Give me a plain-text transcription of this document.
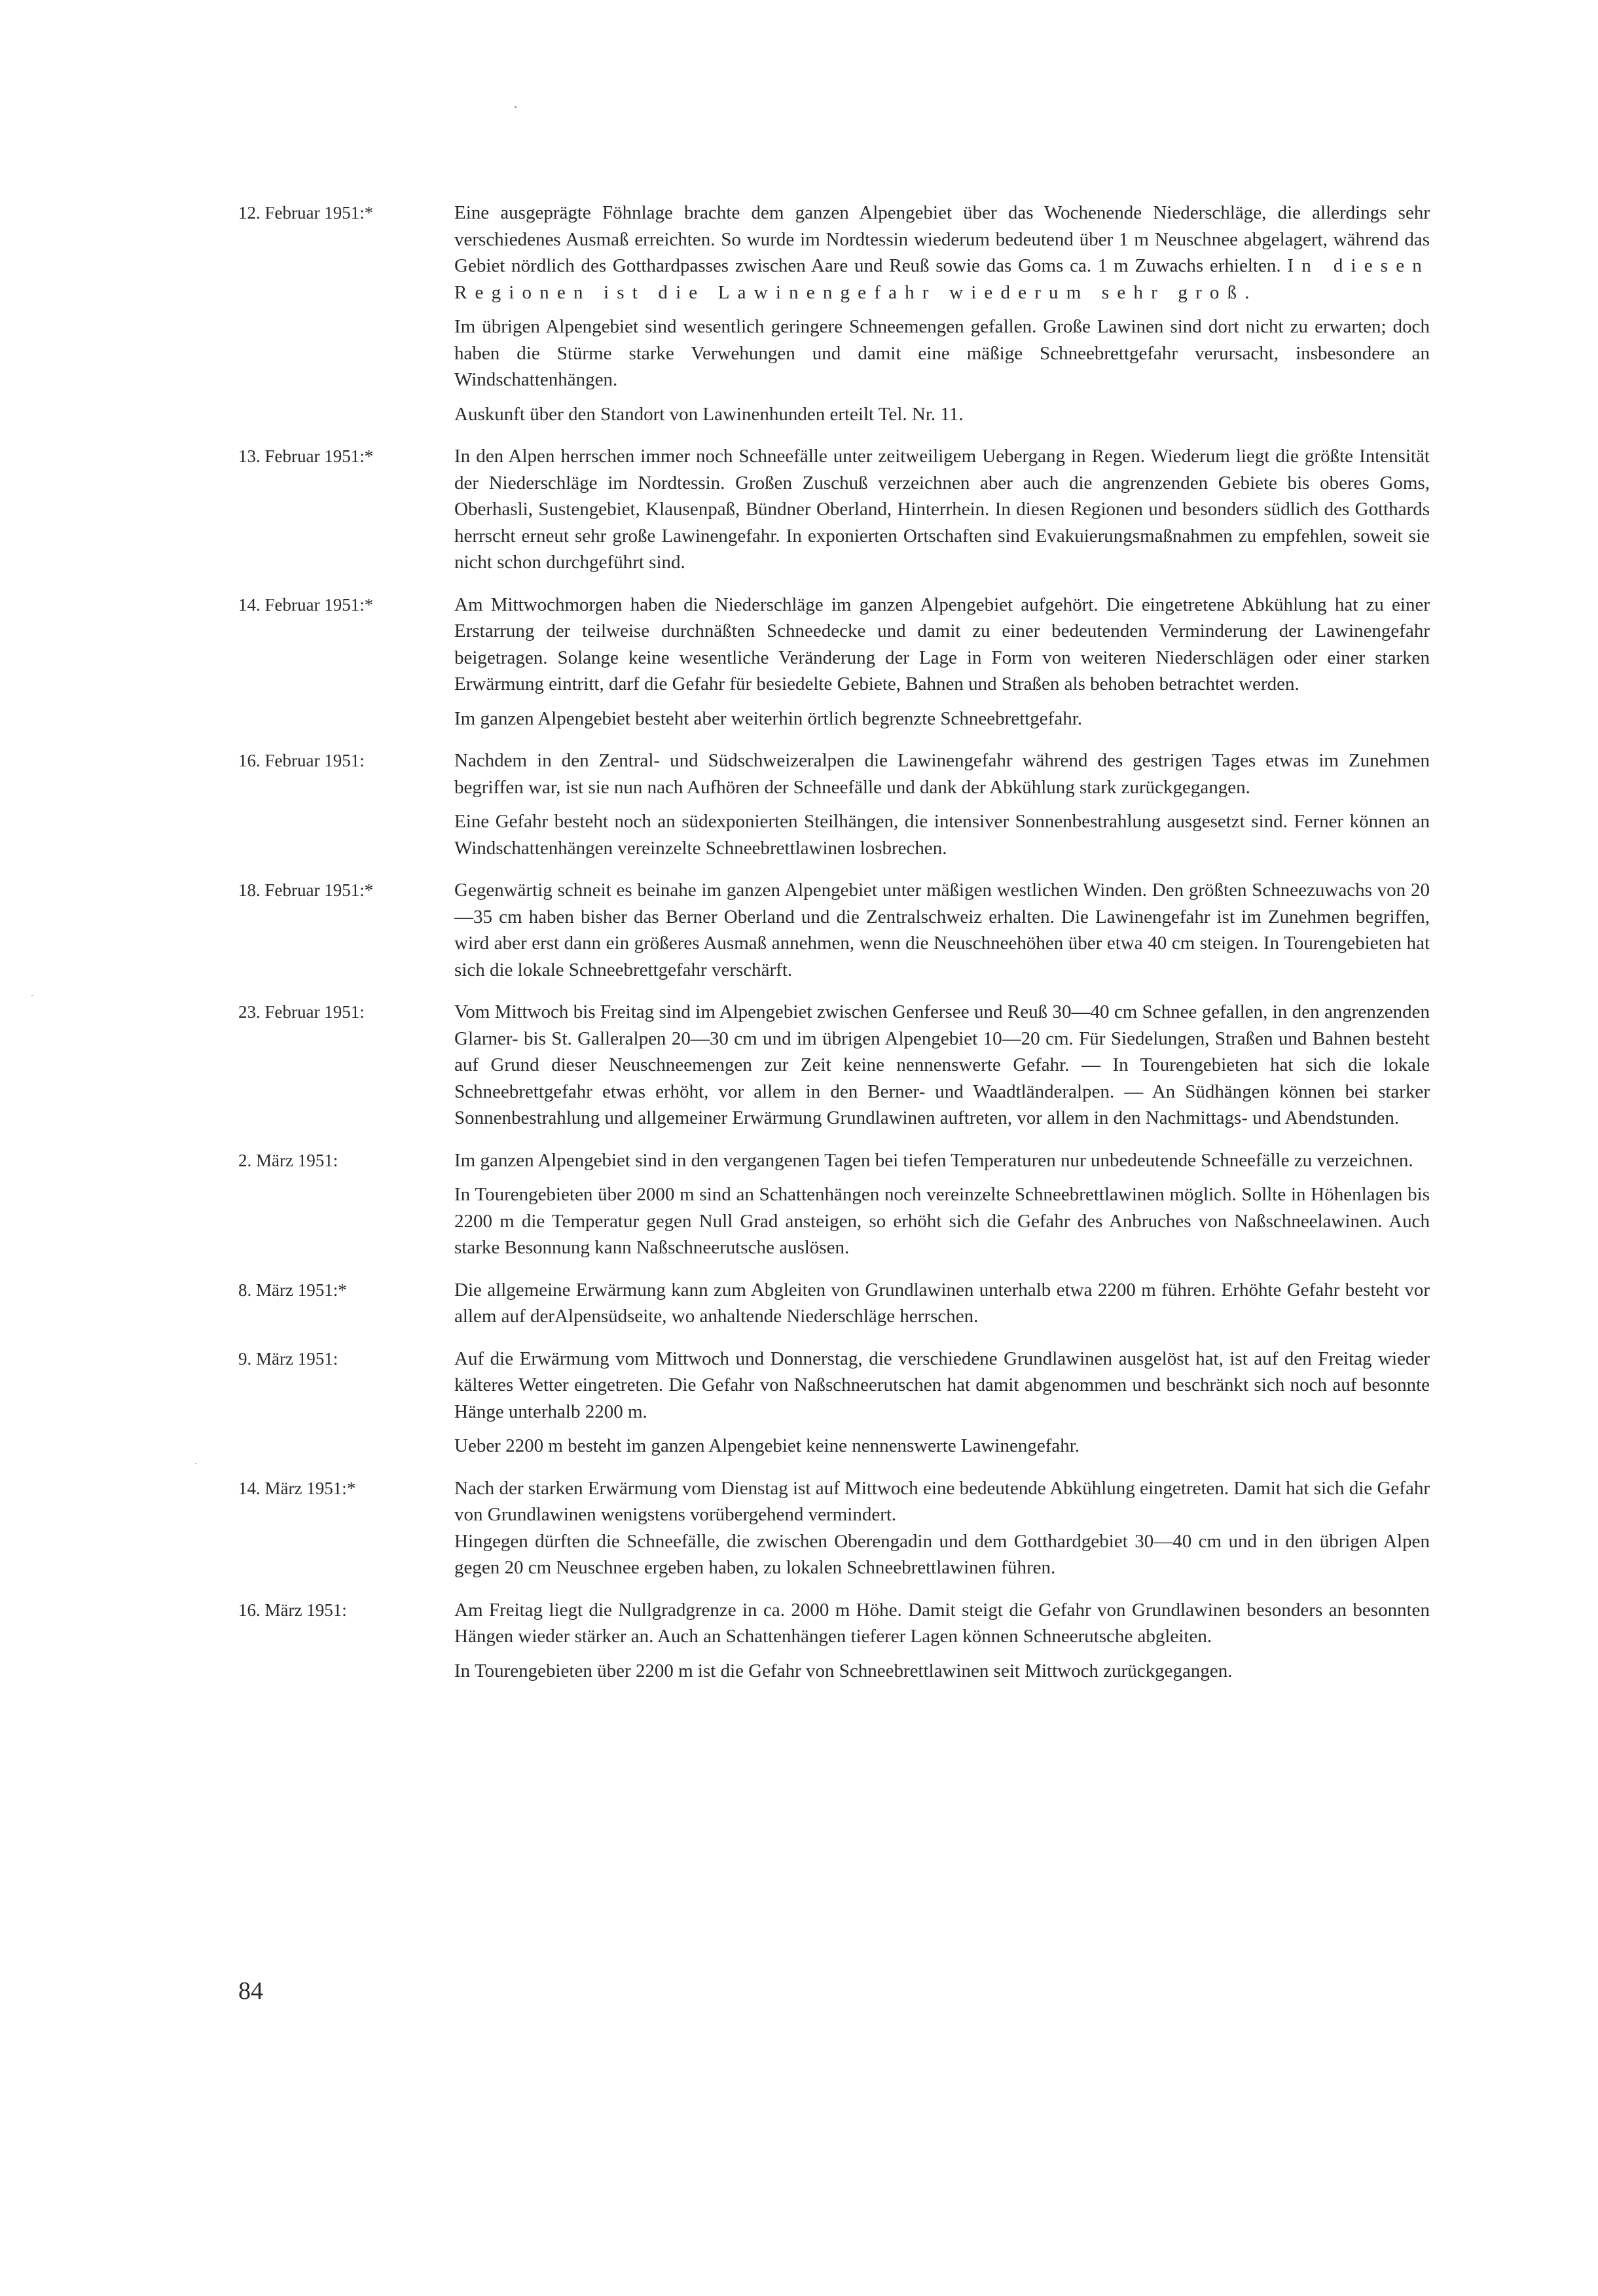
12. Februar 1951:*	Eine ausgeprägte Föhnlage brachte dem ganzen Alpengebiet über das Wochenende Niederschläge, die allerdings sehr verschiedenes Ausmaß erreichten. So wurde im Nordtessin wiederum bedeutend über 1 m Neuschnee abgelagert, während das Gebiet nördlich des Gotthardpasses zwischen Aare und Reuß sowie das Goms ca. 1 m Zuwachs erhielten. In diesen Regionen ist die Lawinengefahr wiederum sehr groß.

Im übrigen Alpengebiet sind wesentlich geringere Schneemengen gefallen. Große Lawinen sind dort nicht zu erwarten; doch haben die Stürme starke Verwehungen und damit eine mäßige Schneebrettgefahr verursacht, insbesondere an Windschattenhängen.

Auskunft über den Standort von Lawinenhunden erteilt Tel. Nr. 11.

13. Februar 1951:*	In den Alpen herrschen immer noch Schneefälle unter zeitweiligem Uebergang in Regen. Wiederum liegt die größte Intensität der Niederschläge im Nordtessin. Großen Zuschuß verzeichnen aber auch die angrenzenden Gebiete bis oberes Goms, Oberhasli, Sustengebiet, Klausenpaß, Bündner Oberland, Hinterrhein. In diesen Regionen und besonders südlich des Gotthards herrscht erneut sehr große Lawinengefahr. In exponierten Ortschaften sind Evakuierungsmaßnahmen zu empfehlen, soweit sie nicht schon durchgeführt sind.

14. Februar 1951:*	Am Mittwochmorgen haben die Niederschläge im ganzen Alpengebiet aufgehört. Die eingetretene Abkühlung hat zu einer Erstarrung der teilweise durchnäßten Schneedecke und damit zu einer bedeutenden Verminderung der Lawinengefahr beigetragen. Solange keine wesentliche Veränderung der Lage in Form von weiteren Niederschlägen oder einer starken Erwärmung eintritt, darf die Gefahr für besiedelte Gebiete, Bahnen und Straßen als behoben betrachtet werden.

Im ganzen Alpengebiet besteht aber weiterhin örtlich begrenzte Schneebrettgefahr.

16. Februar 1951:	Nachdem in den Zentral- und Südschweizeralpen die Lawinengefahr während des gestrigen Tages etwas im Zunehmen begriffen war, ist sie nun nach Aufhören der Schneefälle und dank der Abkühlung stark zurückgegangen.

Eine Gefahr besteht noch an südexponierten Steilhängen, die intensiver Sonnenbestrahlung ausgesetzt sind. Ferner können an Windschattenhängen vereinzelte Schneebrettlawinen losbrechen.

18. Februar 1951:*	Gegenwärtig schneit es beinahe im ganzen Alpengebiet unter mäßigen westlichen Winden. Den größten Schneezuwachs von 20—35 cm haben bisher das Berner Oberland und die Zentralschweiz erhalten. Die Lawinengefahr ist im Zunehmen begriffen, wird aber erst dann ein größeres Ausmaß annehmen, wenn die Neuschneehöhen über etwa 40 cm steigen. In Tourengebieten hat sich die lokale Schneebrettgefahr verschärft.

23. Februar 1951:	Vom Mittwoch bis Freitag sind im Alpengebiet zwischen Genfersee und Reuß 30—40 cm Schnee gefallen, in den angrenzenden Glarner- bis St. Galleralpen 20—30 cm und im übrigen Alpengebiet 10—20 cm. Für Siedelungen, Straßen und Bahnen besteht auf Grund dieser Neuschneemengen zur Zeit keine nennenswerte Gefahr. — In Tourengebieten hat sich die lokale Schneebrettgefahr etwas erhöht, vor allem in den Berner- und Waadtländeralpen. — An Südhängen können bei starker Sonnenbestrahlung und allgemeiner Erwärmung Grundlawinen auftreten, vor allem in den Nachmittags- und Abendstunden.

2. März 1951:	Im ganzen Alpengebiet sind in den vergangenen Tagen bei tiefen Temperaturen nur unbedeutende Schneefälle zu verzeichnen.

In Tourengebieten über 2000 m sind an Schattenhängen noch vereinzelte Schneebrettlawinen möglich. Sollte in Höhenlagen bis 2200 m die Temperatur gegen Null Grad ansteigen, so erhöht sich die Gefahr des Anbruches von Naßschneelawinen. Auch starke Besonnung kann Naßschneerutsche auslösen.

8. März 1951:*	Die allgemeine Erwärmung kann zum Abgleiten von Grundlawinen unterhalb etwa 2200 m führen. Erhöhte Gefahr besteht vor allem auf derAlpensüdseite, wo anhaltende Niederschläge herrschen.

9. März 1951:	Auf die Erwärmung vom Mittwoch und Donnerstag, die verschiedene Grundlawinen ausgelöst hat, ist auf den Freitag wieder kälteres Wetter eingetreten. Die Gefahr von Naßschneerutschen hat damit abgenommen und beschränkt sich noch auf besonnte Hänge unterhalb 2200 m.

Ueber 2200 m besteht im ganzen Alpengebiet keine nennenswerte Lawinengefahr.

14. März 1951:*	Nach der starken Erwärmung vom Dienstag ist auf Mittwoch eine bedeutende Abkühlung eingetreten. Damit hat sich die Gefahr von Grundlawinen wenigstens vorübergehend vermindert.

Hingegen dürften die Schneefälle, die zwischen Oberengadin und dem Gotthardgebiet 30—40 cm und in den übrigen Alpen gegen 20 cm Neuschnee ergeben haben, zu lokalen Schneebrettlawinen führen.

16. März 1951:	Am Freitag liegt die Nullgradgrenze in ca. 2000 m Höhe. Damit steigt die Gefahr von Grundlawinen besonders an besonnten Hängen wieder stärker an. Auch an Schattenhängen tieferer Lagen können Schneerutsche abgleiten.

In Tourengebieten über 2200 m ist die Gefahr von Schneebrettlawinen seit Mittwoch zurückgegangen.

84
